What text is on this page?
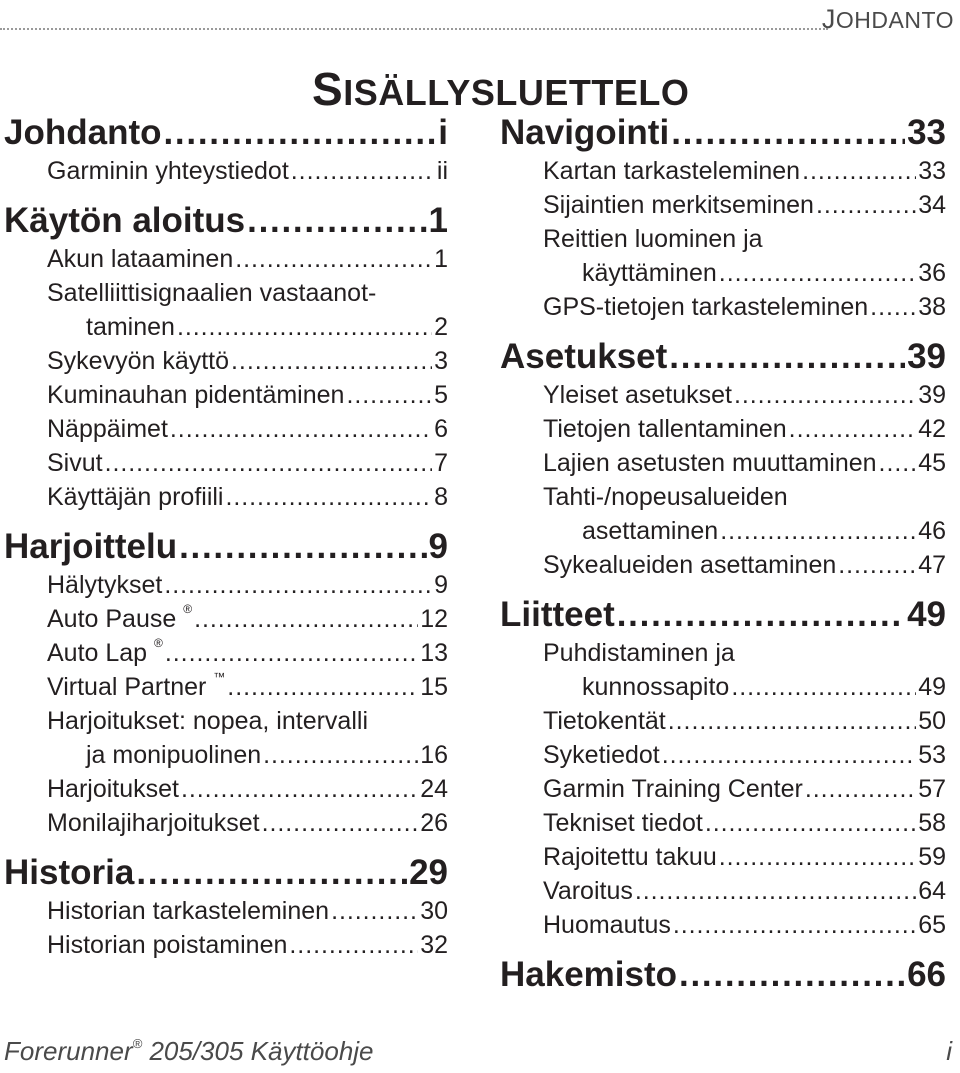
JOHDANTO
SISÄLLYSLUETTELO
Johdanto . . .	i
Garminin yhteystiedot . . .	ii
Käytön aloitus . . .	1
Akun lataaminen . . .	1
Satelliittisignaalien vastaanot-
taminen . . .	2
Sykevyön käyttö . . .	3
Kuminauhan pidentäminen . . .	5
Näppäimet . . .	6
Sivut . . .	7
Käyttäjän profiili . . .	8
Harjoittelu . . .	9
Hälytykset . . .	9
Auto Pause ® . . .	12
Auto Lap ® . . .	13
Virtual Partner ™ . . .	15
Harjoitukset: nopea, intervalli
ja monipuolinen . . .	16
Harjoitukset . . .	24
Monilajiharjoitukset . . .	26
Historia . . .	29
Historian tarkasteleminen . . .	30
Historian poistaminen . . .	32
Navigointi . . .	33
Kartan tarkasteleminen . . .	33
Sijaintien merkitseminen . . .	34
Reittien luominen ja
käyttäminen . . .	36
GPS-tietojen tarkasteleminen . . . 38
Asetukset . . .	39
Yleiset asetukset . . .	39
Tietojen tallentaminen . . .	42
Lajien asetusten muuttaminen . . . 45
Tahti-/nopeusalueiden
asettaminen . . .	46
Sykealueiden asettaminen . . .	47
Liitteet . . .	49
Puhdistaminen ja
kunnossapito . . .	49
Tietokentät . . .	50
Syketiedot . . .	53
Garmin Training Center . . .	57
Tekniset tiedot . . .	58
Rajoitettu takuu . . .	59
Varoitus . . .	64
Huomautus . . .	65
Hakemisto . . .	66
Forerunner® 205/305 Käyttöohje	i
